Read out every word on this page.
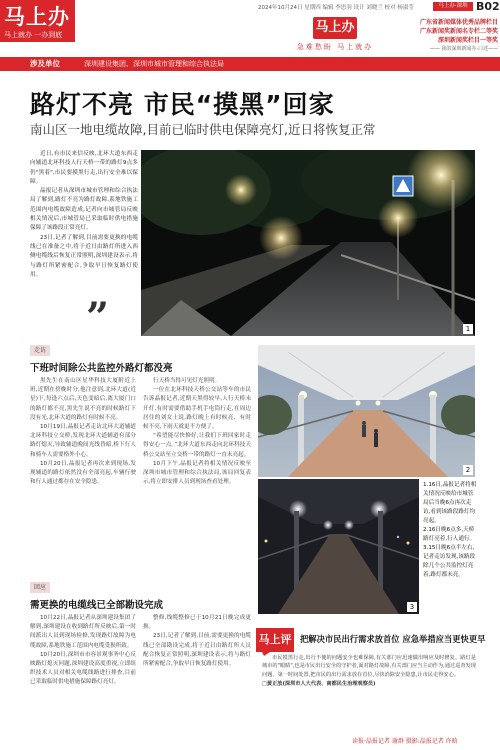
马上办
马上就办 一办到底
2024年10月24日 星期四 编辑 李思羽 设计 刘晓兰 校对 杨淑莹	马上办·深圳 B02
马上办
急难愁盼 马上就办
广东省新闻媒体优秀品牌栏目
广东新闻奖新闻名专栏二等奖
深圳新闻奖栏目一等奖
—— 我的深圳新闻办·口述——
涉及单位	深圳建设集团、深圳市城市管理和综合执法局
路灯不亮 市民“摸黑”回家
南山区一地电缆故障,目前已临时供电保障亮灯,近日将恢复正常

近日,有市民来信反映,北环大道东西走向辅道北环科技人行天桥一带的路灯9点多仍"黑着",市民要摸黑行走,出行安全难以保障。

晶报记者从深圳市城市管理和综合执法局了解到,路灯不亮为路灯故障,系地铁施工范围内电缆故障造成,记者向市城管局反映相关情况后,市城管局已采取临时供电措施保障了该路段正常亮灯。

23日,记者了解到,目前需要更换的电缆线已在准备之中,将于近日由路灯所进入西侧电缆线后恢复正常照明,深圳建设表示,将与路灯所紧密配合,争取早日恢复路灯使用。

”	1
走访
下班时间除公共监控外路灯都没亮

黑先生在南山区星华科技大厦附近上班,近期在傍晚时分,他注意到,北环大道(近星)下,每逢六点后,天色变暗后,离大厦门口的路灯都不亮,黑先生说不亮的时候路灯下没有光,北环大道的路灯有时候不亮。

10月19日,晶报记者走访北环大道辅道北环科技立交桥,发现北环大道辅道有部分路灯熄灭,导致辅道晚间光线昏暗,桥下行人和骑车人需要格外小心。

10月20日,晶报记者再次来到现场,发现辅道的路灯依然没有全部亮起,车辆行驶和行人通过都存在安全隐患。

行天桥当得可见灯光照明。

一位在北环科技天桥公交站等车的市民告诉晶报记者,近期天黑得较早,人行天桥未开灯,有时需要借助手机手电筒行走,在周边居住的刘女士说,路灯晚上有时候亮、有时候不亮,下雨天就更不方便了。

“希望能尽快修好,让我们下班回家时走得安心一点。”北环大道东西走向北环科技天桥公交站至立交桥一带的路灯一直未亮起。

10月下午,晶报记者将相关情况反映至深圳市城市管理和综合执法局,该局回复表示,将立即安排人员到现场查看处理。

2
3
1.16日,晶报记者将相关情况反映给市城管局后当晚6点再次走访,看到该路段路灯均亮起。
2.16日晚6点多,天桥路灯亮着,行人通行。
3.15日晚6点半左右,记者走访发现,该路段除几个公共监控灯亮着,路灯都未亮。
回应
需更换的电缆线已全部勘设完成

10月22日,晶报记者从深圳建设集团了解到,深圳建设在收到路灯所反映后,第一时间派出人员到现场检修,发现路灯故障为电缆故障,系地铁施工范围内电缆受损所致。

10月20日,深圳市市容景观事务中心反映路灯熄灭问题,深圳建设高度重视,立即组织技术人员对相关电缆线路进行排查,目前已采取临时供电措施保障路灯亮灯。

整修,线缆整修已于10月21日晚完成更换。

23日,记者了解到,目前,需要更换的电缆线已全部勘设完成,将于近日由路灯所人员配合恢复正常照明,深圳建设表示,将与路灯所紧密配合,争取早日恢复路灯使用。

马上评	把解决市民出行需求放首位 应急举措应当更快更早

市民摸黑行走,出行不便的问题安全也难保障,有关部门应迅速做出响应及时修复。路灯是城市的"眼睛",也是市民出行安全的守护者,面对路灯故障,有关部门应当主动作为,通过巡查发现问题、第一时间处置,把市民的出行需求放在首位,尽快消除安全隐患,让市民走得安心。

□黄正放(深圳市人大代表、南都民生治理观察员)

读报·晶报记者 谢群 摄影:晶报记者 许晗
